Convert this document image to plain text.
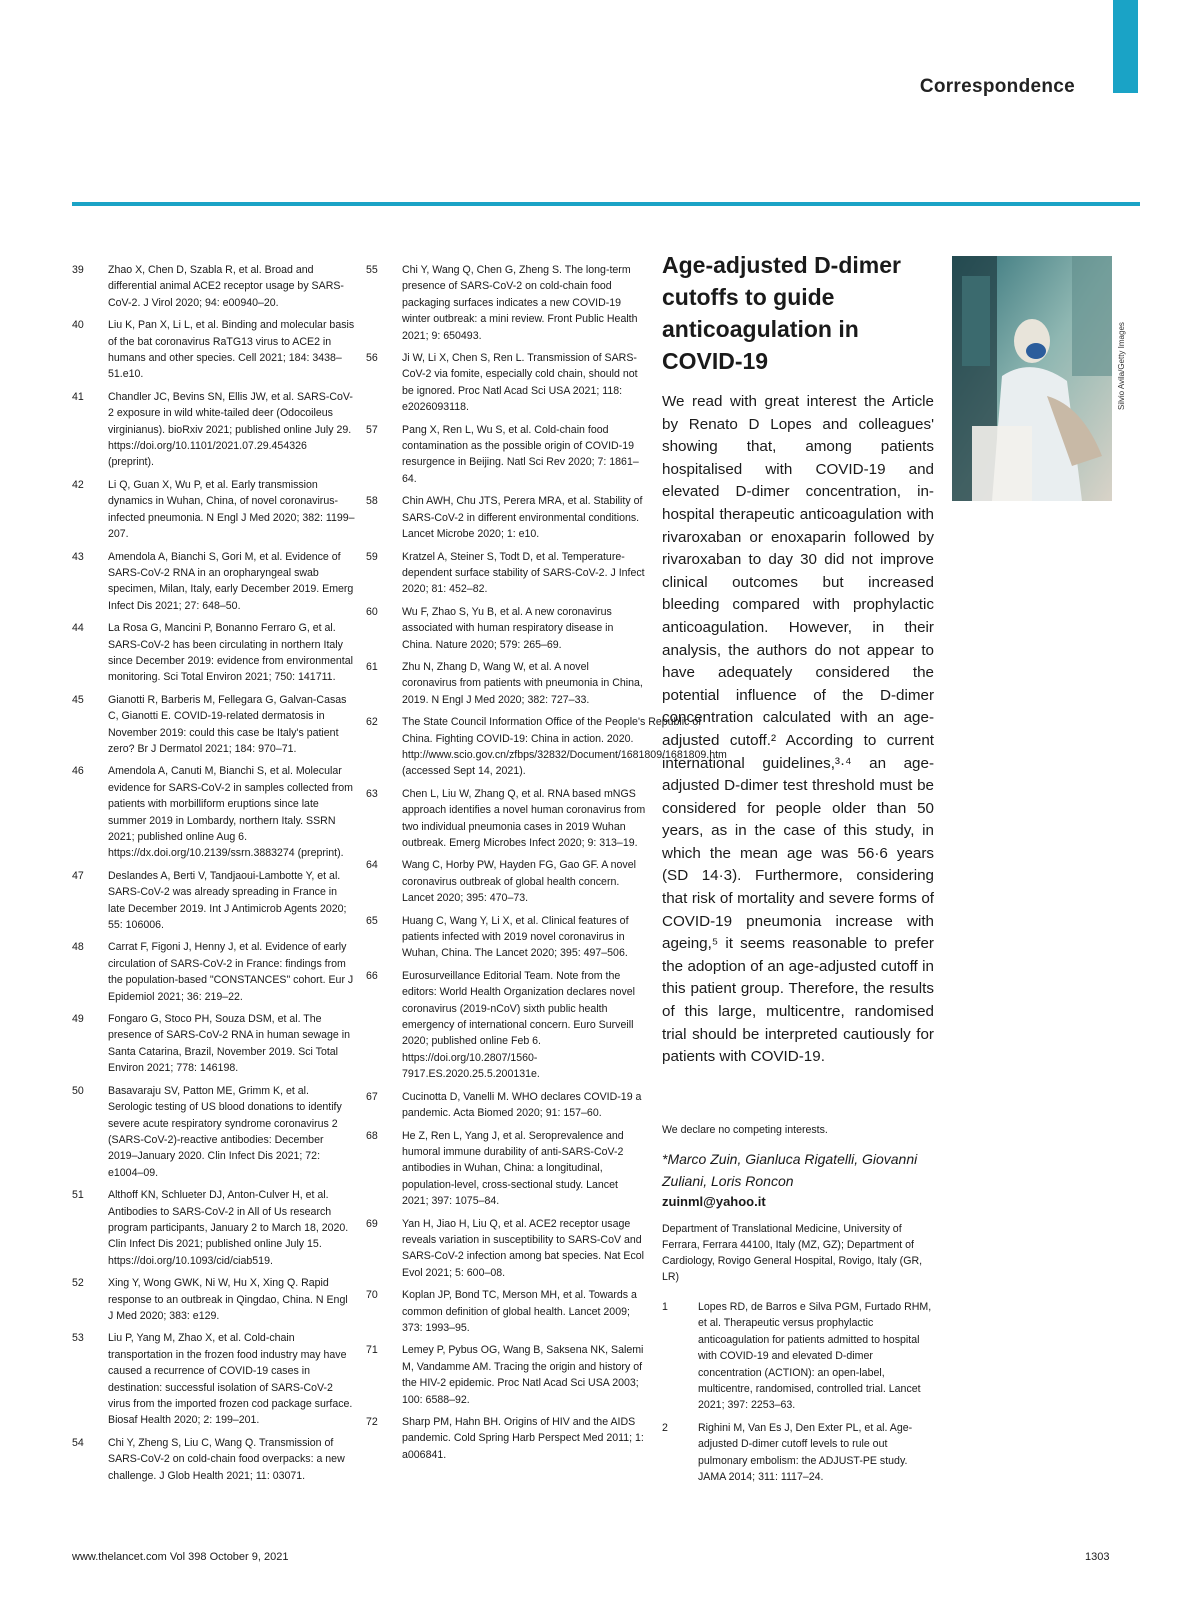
Correspondence
39	Zhao X, Chen D, Szabla R, et al. Broad and differential animal ACE2 receptor usage by SARS-CoV-2. J Virol 2020; 94: e00940–20.
40	Liu K, Pan X, Li L, et al. Binding and molecular basis of the bat coronavirus RaTG13 virus to ACE2 in humans and other species. Cell 2021; 184: 3438–51.e10.
41	Chandler JC, Bevins SN, Ellis JW, et al. SARS-CoV-2 exposure in wild white-tailed deer (Odocoileus virginianus). bioRxiv 2021; published online July 29. https://doi.org/10.1101/2021.07.29.454326 (preprint).
42	Li Q, Guan X, Wu P, et al. Early transmission dynamics in Wuhan, China, of novel coronavirus-infected pneumonia. N Engl J Med 2020; 382: 1199–207.
43	Amendola A, Bianchi S, Gori M, et al. Evidence of SARS-CoV-2 RNA in an oropharyngeal swab specimen, Milan, Italy, early December 2019. Emerg Infect Dis 2021; 27: 648–50.
44	La Rosa G, Mancini P, Bonanno Ferraro G, et al. SARS-CoV-2 has been circulating in northern Italy since December 2019: evidence from environmental monitoring. Sci Total Environ 2021; 750: 141711.
45	Gianotti R, Barberis M, Fellegara G, Galvan-Casas C, Gianotti E. COVID-19-related dermatosis in November 2019: could this case be Italy's patient zero? Br J Dermatol 2021; 184: 970–71.
46	Amendola A, Canuti M, Bianchi S, et al. Molecular evidence for SARS-CoV-2 in samples collected from patients with morbilliform eruptions since late summer 2019 in Lombardy, northern Italy. SSRN 2021; published online Aug 6. https://dx.doi.org/10.2139/ssrn.3883274 (preprint).
47	Deslandes A, Berti V, Tandjaoui-Lambotte Y, et al. SARS-CoV-2 was already spreading in France in late December 2019. Int J Antimicrob Agents 2020; 55: 106006.
48	Carrat F, Figoni J, Henny J, et al. Evidence of early circulation of SARS-CoV-2 in France: findings from the population-based "CONSTANCES" cohort. Eur J Epidemiol 2021; 36: 219–22.
49	Fongaro G, Stoco PH, Souza DSM, et al. The presence of SARS-CoV-2 RNA in human sewage in Santa Catarina, Brazil, November 2019. Sci Total Environ 2021; 778: 146198.
50	Basavaraju SV, Patton ME, Grimm K, et al. Serologic testing of US blood donations to identify severe acute respiratory syndrome coronavirus 2 (SARS-CoV-2)-reactive antibodies: December 2019–January 2020. Clin Infect Dis 2021; 72: e1004–09.
51	Althoff KN, Schlueter DJ, Anton-Culver H, et al. Antibodies to SARS-CoV-2 in All of Us research program participants, January 2 to March 18, 2020. Clin Infect Dis 2021; published online July 15. https://doi.org/10.1093/cid/ciab519.
52	Xing Y, Wong GWK, Ni W, Hu X, Xing Q. Rapid response to an outbreak in Qingdao, China. N Engl J Med 2020; 383: e129.
53	Liu P, Yang M, Zhao X, et al. Cold-chain transportation in the frozen food industry may have caused a recurrence of COVID-19 cases in destination: successful isolation of SARS-CoV-2 virus from the imported frozen cod package surface. Biosaf Health 2020; 2: 199–201.
54	Chi Y, Zheng S, Liu C, Wang Q. Transmission of SARS-CoV-2 on cold-chain food overpacks: a new challenge. J Glob Health 2021; 11: 03071.
55	Chi Y, Wang Q, Chen G, Zheng S. The long-term presence of SARS-CoV-2 on cold-chain food packaging surfaces indicates a new COVID-19 winter outbreak: a mini review. Front Public Health 2021; 9: 650493.
56	Ji W, Li X, Chen S, Ren L. Transmission of SARS-CoV-2 via fomite, especially cold chain, should not be ignored. Proc Natl Acad Sci USA 2021; 118: e2026093118.
57	Pang X, Ren L, Wu S, et al. Cold-chain food contamination as the possible origin of COVID-19 resurgence in Beijing. Natl Sci Rev 2020; 7: 1861–64.
58	Chin AWH, Chu JTS, Perera MRA, et al. Stability of SARS-CoV-2 in different environmental conditions. Lancet Microbe 2020; 1: e10.
59	Kratzel A, Steiner S, Todt D, et al. Temperature-dependent surface stability of SARS-CoV-2. J Infect 2020; 81: 452–82.
60	Wu F, Zhao S, Yu B, et al. A new coronavirus associated with human respiratory disease in China. Nature 2020; 579: 265–69.
61	Zhu N, Zhang D, Wang W, et al. A novel coronavirus from patients with pneumonia in China, 2019. N Engl J Med 2020; 382: 727–33.
62	The State Council Information Office of the People's Republic of China. Fighting COVID-19: China in action. 2020. http://www.scio.gov.cn/zfbps/32832/Document/1681809/1681809.htm (accessed Sept 14, 2021).
63	Chen L, Liu W, Zhang Q, et al. RNA based mNGS approach identifies a novel human coronavirus from two individual pneumonia cases in 2019 Wuhan outbreak. Emerg Microbes Infect 2020; 9: 313–19.
64	Wang C, Horby PW, Hayden FG, Gao GF. A novel coronavirus outbreak of global health concern. Lancet 2020; 395: 470–73.
65	Huang C, Wang Y, Li X, et al. Clinical features of patients infected with 2019 novel coronavirus in Wuhan, China. The Lancet 2020; 395: 497–506.
66	Eurosurveillance Editorial Team. Note from the editors: World Health Organization declares novel coronavirus (2019-nCoV) sixth public health emergency of international concern. Euro Surveill 2020; published online Feb 6. https://doi.org/10.2807/1560-7917.ES.2020.25.5.200131e.
67	Cucinotta D, Vanelli M. WHO declares COVID-19 a pandemic. Acta Biomed 2020; 91: 157–60.
68	He Z, Ren L, Yang J, et al. Seroprevalence and humoral immune durability of anti-SARS-CoV-2 antibodies in Wuhan, China: a longitudinal, population-level, cross-sectional study. Lancet 2021; 397: 1075–84.
69	Yan H, Jiao H, Liu Q, et al. ACE2 receptor usage reveals variation in susceptibility to SARS-CoV and SARS-CoV-2 infection among bat species. Nat Ecol Evol 2021; 5: 600–08.
70	Koplan JP, Bond TC, Merson MH, et al. Towards a common definition of global health. Lancet 2009; 373: 1993–95.
71	Lemey P, Pybus OG, Wang B, Saksena NK, Salemi M, Vandamme AM. Tracing the origin and history of the HIV-2 epidemic. Proc Natl Acad Sci USA 2003; 100: 6588–92.
72	Sharp PM, Hahn BH. Origins of HIV and the AIDS pandemic. Cold Spring Harb Perspect Med 2011; 1: a006841.
Age-adjusted D-dimer cutoffs to guide anticoagulation in COVID-19	Silvio Avila/Getty Images
We read with great interest the Article by Renato D Lopes and colleagues' showing that, among patients hospitalised with COVID-19 and elevated D-dimer concentration, in-hospital therapeutic anticoagulation with rivaroxaban or enoxaparin followed by rivaroxaban to day 30 did not improve clinical outcomes but increased bleeding compared with prophylactic anticoagulation. However, in their analysis, the authors do not appear to have adequately considered the potential influence of the D-dimer concentration calculated with an age-adjusted cutoff.² According to current international guidelines,³·⁴ an age-adjusted D-dimer test threshold must be considered for people older than 50 years, as in the case of this study, in which the mean age was 56·6 years (SD 14·3). Furthermore, considering that risk of mortality and severe forms of COVID-19 pneumonia increase with ageing,⁵ it seems reasonable to prefer the adoption of an age-adjusted cutoff in this patient group. Therefore, the results of this large, multicentre, randomised trial should be interpreted cautiously for patients with COVID-19.
We declare no competing interests.
*Marco Zuin, Gianluca Rigatelli, Giovanni Zuliani, Loris Roncon
zuinml@yahoo.it
Department of Translational Medicine, University of Ferrara, Ferrara 44100, Italy (MZ, GZ); Department of Cardiology, Rovigo General Hospital, Rovigo, Italy (GR, LR)
1	Lopes RD, de Barros e Silva PGM, Furtado RHM, et al. Therapeutic versus prophylactic anticoagulation for patients admitted to hospital with COVID-19 and elevated D-dimer concentration (ACTION): an open-label, multicentre, randomised, controlled trial. Lancet 2021; 397: 2253–63.
2	Righini M, Van Es J, Den Exter PL, et al. Age-adjusted D-dimer cutoff levels to rule out pulmonary embolism: the ADJUST-PE study. JAMA 2014; 311: 1117–24.
www.thelancet.com Vol 398 October 9, 2021	1303
